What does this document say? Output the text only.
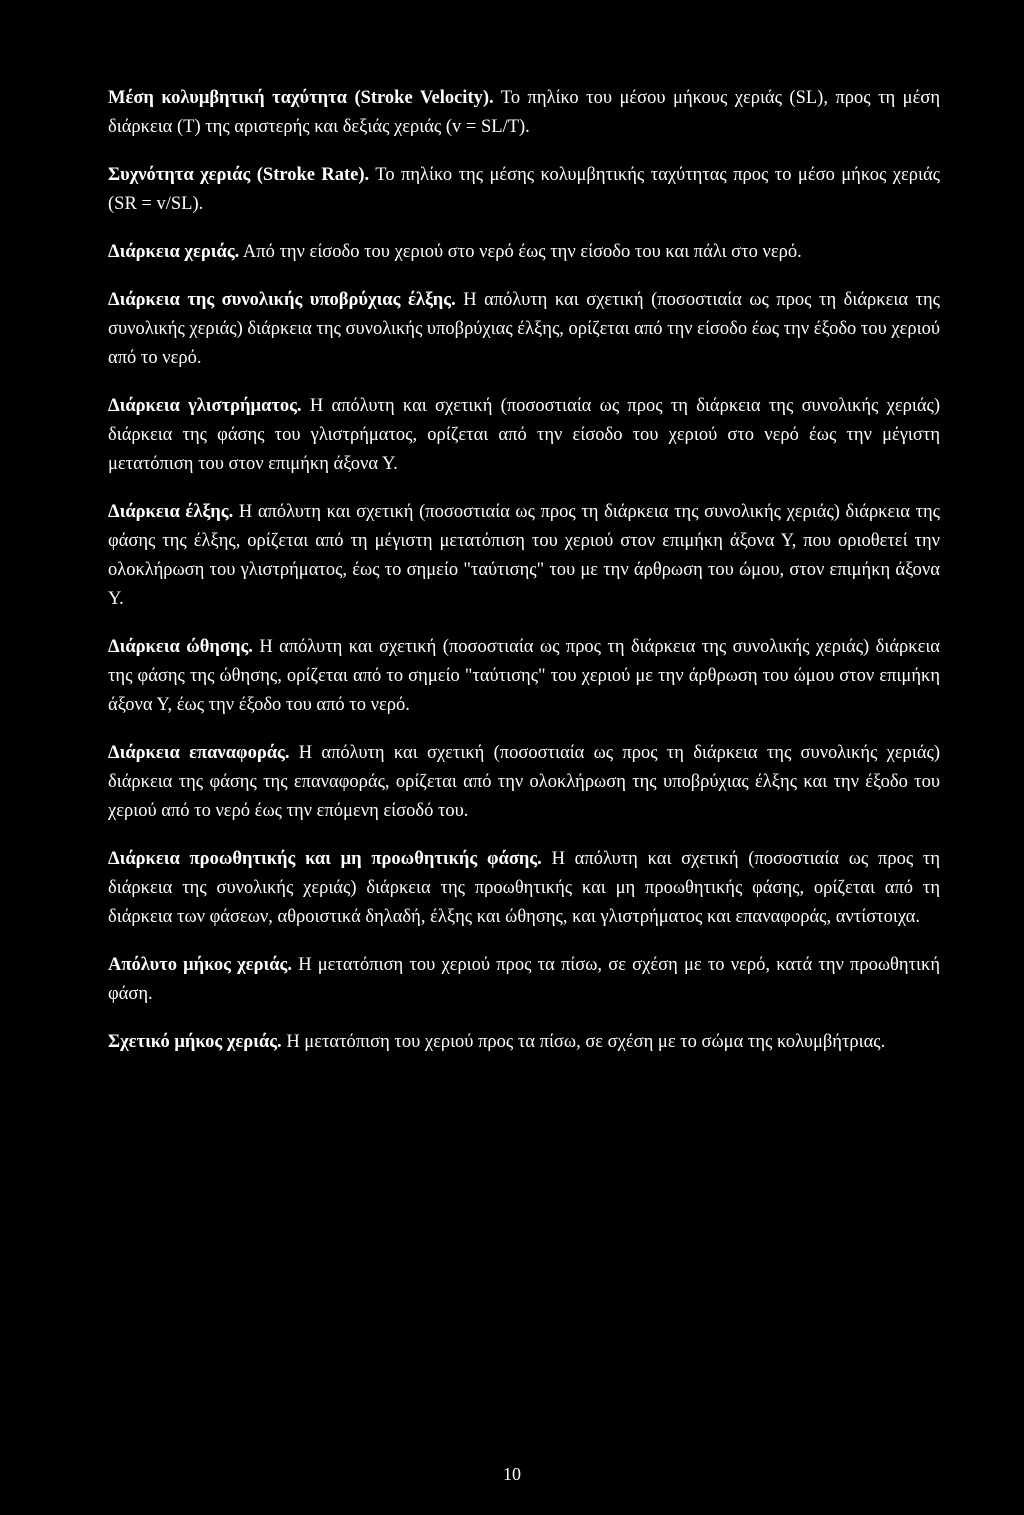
Μέση κολυμβητική ταχύτητα (Stroke Velocity). Το πηλίκο του μέσου μήκους χεριάς (SL), προς τη μέση διάρκεια (Τ) της αριστερής και δεξιάς χεριάς (v = SL/T).

Συχνότητα χεριάς (Stroke Rate). Το πηλίκο της μέσης κολυμβητικής ταχύτητας προς το μέσο μήκος χεριάς (SR = v/SL).

Διάρκεια χεριάς. Από την είσοδο του χεριού στο νερό έως την είσοδο του και πάλι στο νερό.

Διάρκεια της συνολικής υποβρύχιας έλξης. Η απόλυτη και σχετική (ποσοστιαία ως προς τη διάρκεια της συνολικής χεριάς) διάρκεια της συνολικής υποβρύχιας έλξης, ορίζεται από την είσοδο έως την έξοδο του χεριού από το νερό.

Διάρκεια γλιστρήματος. Η απόλυτη και σχετική (ποσοστιαία ως προς τη διάρκεια της συνολικής χεριάς) διάρκεια της φάσης του γλιστρήματος, ορίζεται από την είσοδο του χεριού στο νερό έως την μέγιστη μετατόπιση του στον επιμήκη άξονα Υ.

Διάρκεια έλξης. Η απόλυτη και σχετική (ποσοστιαία ως προς τη διάρκεια της συνολικής χεριάς) διάρκεια της φάσης της έλξης, ορίζεται από τη μέγιστη μετατόπιση του χεριού στον επιμήκη άξονα Υ, που οριοθετεί την ολοκλήρωση του γλιστρήματος, έως το σημείο "ταύτισης" του με την άρθρωση του ώμου, στον επιμήκη άξονα Υ.

Διάρκεια ώθησης. Η απόλυτη και σχετική (ποσοστιαία ως προς τη διάρκεια της συνολικής χεριάς) διάρκεια της φάσης της ώθησης, ορίζεται από το σημείο "ταύτισης" του χεριού με την άρθρωση του ώμου στον επιμήκη άξονα Υ, έως την έξοδο του από το νερό.

Διάρκεια επαναφοράς. Η απόλυτη και σχετική (ποσοστιαία ως προς τη διάρκεια της συνολικής χεριάς) διάρκεια της φάσης της επαναφοράς, ορίζεται από την ολοκλήρωση της υποβρύχιας έλξης και την έξοδο του χεριού από το νερό έως την επόμενη είσοδό του.

Διάρκεια προωθητικής και μη προωθητικής φάσης. Η απόλυτη και σχετική (ποσοστιαία ως προς τη διάρκεια της συνολικής χεριάς) διάρκεια της προωθητικής και μη προωθητικής φάσης, ορίζεται από τη διάρκεια των φάσεων, αθροιστικά δηλαδή, έλξης και ώθησης, και γλιστρήματος και επαναφοράς, αντίστοιχα.

Απόλυτο μήκος χεριάς. Η μετατόπιση του χεριού προς τα πίσω, σε σχέση με το νερό, κατά την προωθητική φάση.

Σχετικό μήκος χεριάς. Η μετατόπιση του χεριού προς τα πίσω, σε σχέση με το σώμα της κολυμβήτριας.

10
